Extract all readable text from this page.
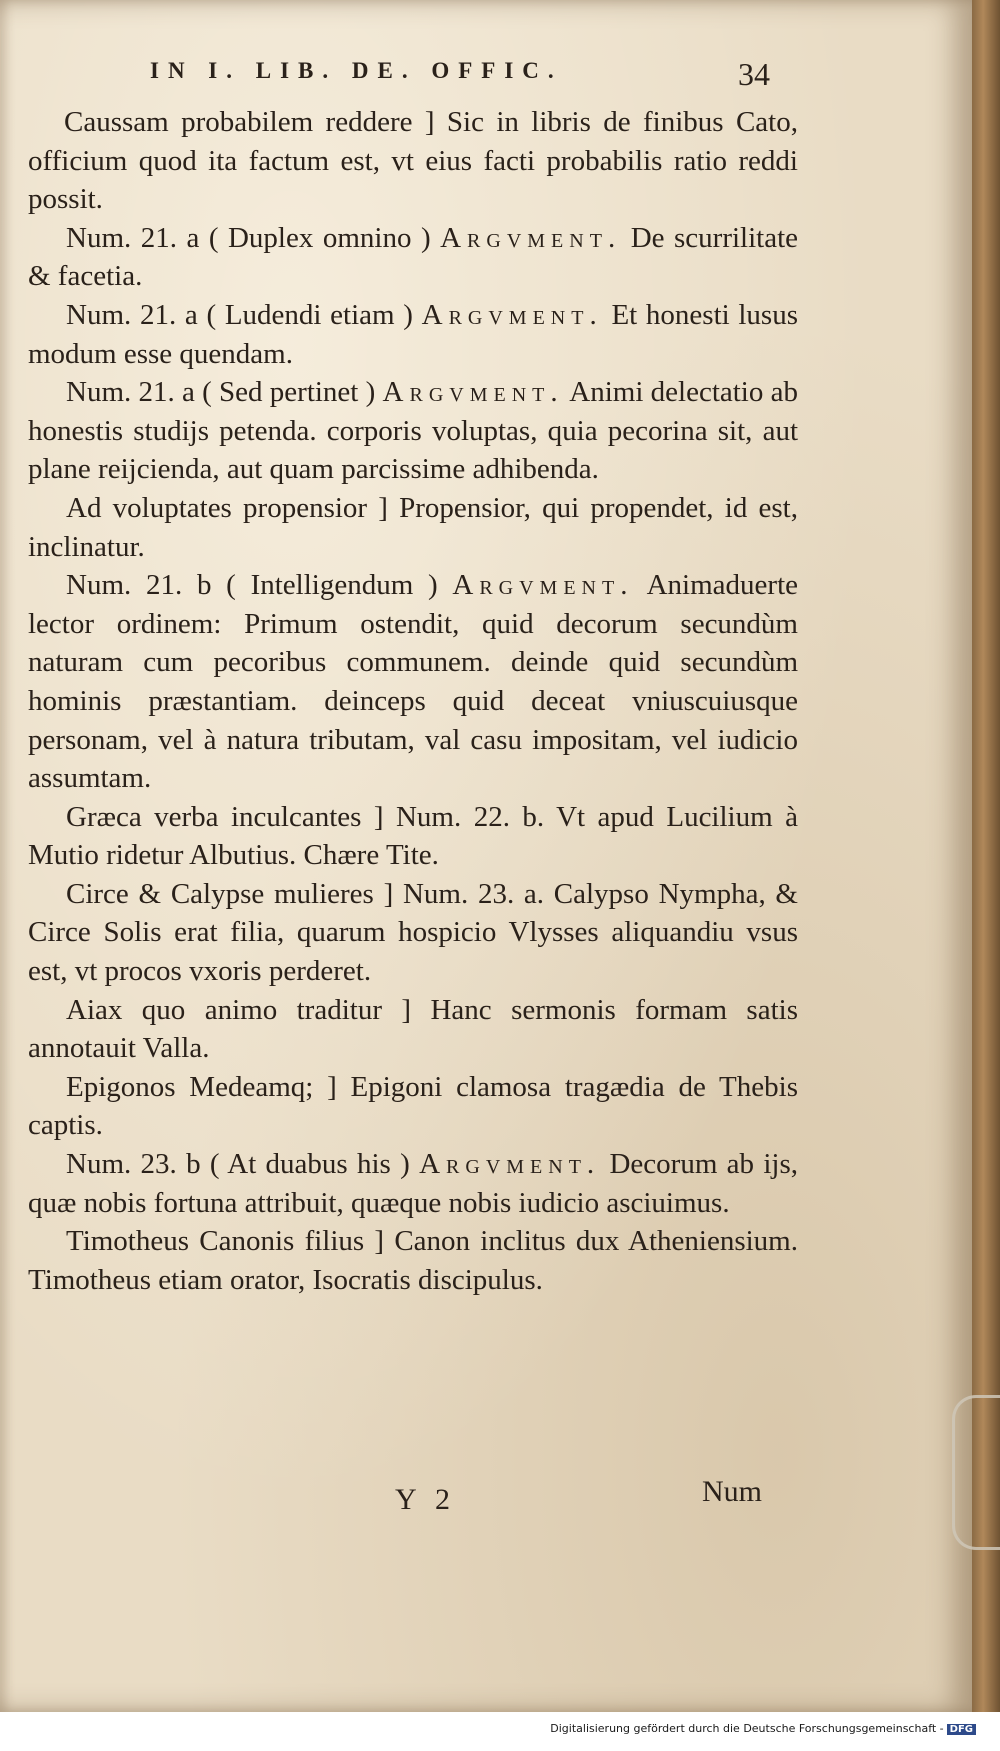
IN I. LIB. DE. OFFIC.	34

Caussam probabilem reddere ] Sic in libris de finibus Cato, officium quod ita factum est, vt eius facti probabilis ratio reddi possit.

Num. 21. a ( Duplex omnino ) Argvment. De scurrilitate & facetia.

Num. 21. a ( Ludendi etiam ) Argvment. Et honesti lusus modum esse quendam.

Num. 21. a ( Sed pertinet ) Argvment. Animi delectatio ab honestis studijs petenda. corporis voluptas, quia pecorina sit, aut plane reijcienda, aut quam parcissime adhibenda.

Ad voluptates propensior ] Propensior, qui propendet, id est, inclinatur.

Num. 21. b ( Intelligendum ) Argvment. Animaduerte lector ordinem: Primum ostendit, quid decorum secundùm naturam cum pecoribus communem. deinde quid secundùm hominis præstantiam. deinceps quid deceat vniuscuiusque personam, vel à natura tributam, val casu impositam, vel iudicio assumtam.

Græca verba inculcantes ] Num. 22. b. Vt apud Lucilium à Mutio ridetur Albutius. Chære Tite.

Circe & Calypse mulieres ] Num. 23. a. Calypso Nympha, & Circe Solis erat filia, quarum hospicio Vlysses aliquandiu vsus est, vt procos vxoris perderet.

Aiax quo animo traditur ] Hanc sermonis formam satis annotauit Valla.

Epigonos Medeamq; ] Epigoni clamosa tragædia de Thebis captis.

Num. 23. b ( At duabus his ) Argvment. Decorum ab ijs, quæ nobis fortuna attribuit, quæque nobis iudicio asciuimus.

Timotheus Canonis filius ] Canon inclitus dux Atheniensium. Timotheus etiam orator, Isocratis discipulus.

Y 2	Num
Digitalisierung gefördert durch die Deutsche Forschungsgemeinschaft - DFG
